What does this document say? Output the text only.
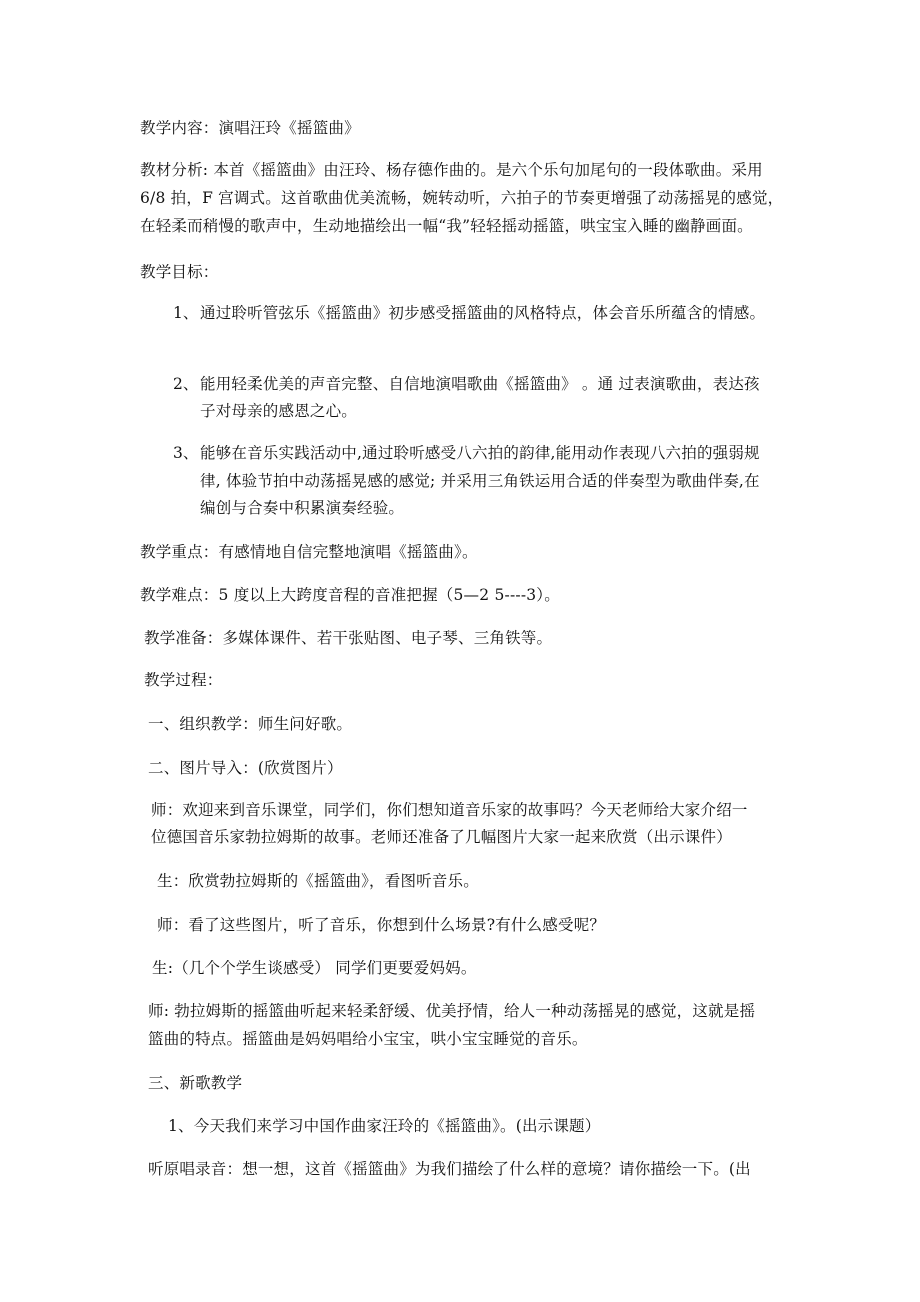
教学内容：演唱汪玲《摇篮曲》
教材分析: 本首《摇篮曲》由汪玲、杨存德作曲的。是六个乐句加尾句的一段体歌曲。采用
6/8 拍，F 宫调式。这首歌曲优美流畅，婉转动听，六拍子的节奏更增强了动荡摇晃的感觉，
在轻柔而稍慢的歌声中，生动地描绘出一幅“我”轻轻摇动摇篮，哄宝宝入睡的幽静画面。
教学目标：
1、 通过聆听管弦乐《摇篮曲》初步感受摇篮曲的风格特点，体会音乐所蕴含的情感。
2、 能用轻柔优美的声音完整、自信地演唱歌曲《摇篮曲》 。通 过表演歌曲，表达孩
子对母亲的感恩之心。
3、 能够在音乐实践活动中,通过聆听感受八六拍的韵律,能用动作表现八六拍的强弱规
律, 体验节拍中动荡摇晃感的感觉; 并采用三角铁运用合适的伴奏型为歌曲伴奏,在
编创与合奏中积累演奏经验。
教学重点：有感情地自信完整地演唱《摇篮曲》。
教学难点：5 度以上大跨度音程的音准把握（5—2 5----3）。
教学准备：多媒体课件、若干张贴图、电子琴、三角铁等。
教学过程：
一、组织教学：师生问好歌。
二、图片导入：(欣赏图片）
师：欢迎来到音乐课堂，同学们，你们想知道音乐家的故事吗？今天老师给大家介绍一
位德国音乐家勃拉姆斯的故事。老师还准备了几幅图片大家一起来欣赏（出示课件）
生：欣赏勃拉姆斯的《摇篮曲》，看图听音乐。
师：看了这些图片，听了音乐，你想到什么场景?有什么感受呢？
生:（几个个学生谈感受） 同学们更要爱妈妈。
师: 勃拉姆斯的摇篮曲听起来轻柔舒缓、优美抒情，给人一种动荡摇晃的感觉，这就是摇
篮曲的特点。摇篮曲是妈妈唱给小宝宝，哄小宝宝睡觉的音乐。
三、新歌教学
1、今天我们来学习中国作曲家汪玲的《摇篮曲》。(出示课题）
听原唱录音：想一想，这首《摇篮曲》为我们描绘了什么样的意境？请你描绘一下。(出
